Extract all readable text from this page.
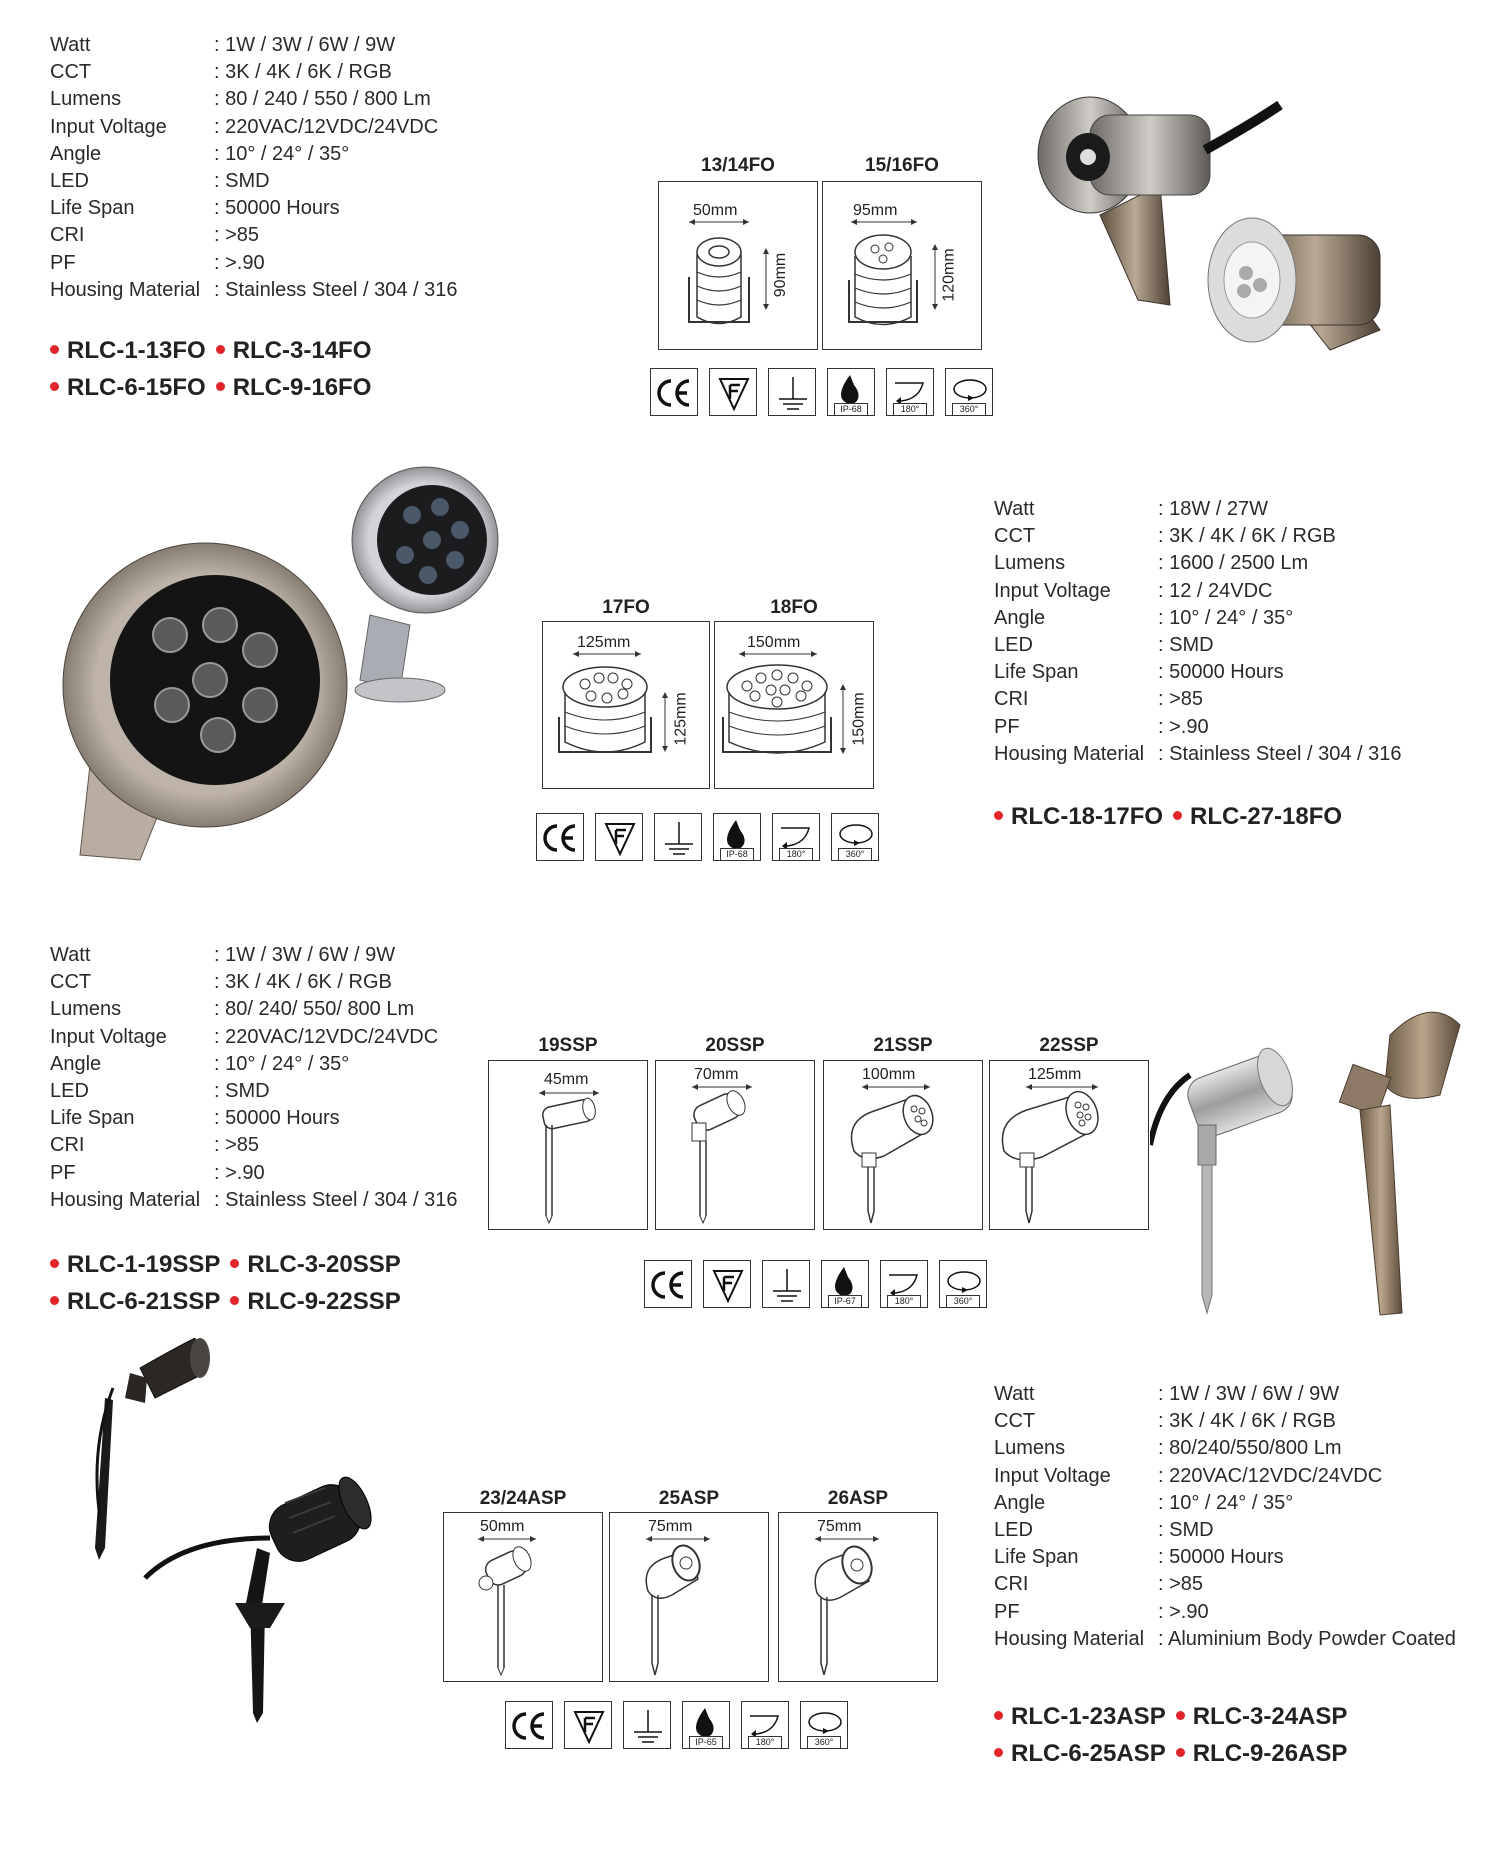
Watt	: 1W / 3W / 6W / 9W
CCT	: 3K / 4K / 6K / RGB
Lumens	: 80 / 240 / 550 / 800 Lm
Input Voltage	: 220VAC/12VDC/24VDC
Angle	: 10° / 24° / 35°
LED	: SMD
Life Span	: 50000 Hours
CRI	: >85
PF	: >.90
Housing Material : Stainless Steel / 304 / 316
RLC-1-13FO RLC-3-14FO
RLC-6-15FO RLC-9-16FO
13/14FO	15/16FO
50mm
90mm
95mm
120mm
IP-68	180°	360°
17FO	18FO
125mm
125mm
150mm
150mm
IP-68	180°	360°
Watt	: 18W / 27W
CCT	: 3K / 4K / 6K / RGB
Lumens	: 1600 / 2500 Lm
Input Voltage	: 12 / 24VDC
Angle	: 10° / 24° / 35°
LED	: SMD
Life Span	: 50000 Hours
CRI	: >85
PF	: >.90
Housing Material : Stainless Steel / 304 / 316
RLC-18-17FO RLC-27-18FO
Watt	: 1W / 3W / 6W / 9W
CCT	: 3K / 4K / 6K / RGB
Lumens	: 80/ 240/ 550/ 800 Lm
Input Voltage	: 220VAC/12VDC/24VDC
Angle	: 10° / 24° / 35°
LED	: SMD
Life Span	: 50000 Hours
CRI	: >85
PF	: >.90
Housing Material : Stainless Steel / 304 / 316
RLC-1-19SSP RLC-3-20SSP
RLC-6-21SSP RLC-9-22SSP
19SSP	20SSP	21SSP	22SSP
45mm	70mm	100mm	125mm
IP-67	180°	360°
23/24ASP	25ASP	26ASP
50mm	75mm	75mm
IP-65	180°	360°
Watt	: 1W / 3W / 6W / 9W
CCT	: 3K / 4K / 6K / RGB
Lumens	: 80/240/550/800 Lm
Input Voltage	: 220VAC/12VDC/24VDC
Angle	: 10° / 24° / 35°
LED	: SMD
Life Span	: 50000 Hours
CRI	: >85
PF	: >.90
Housing Material : Aluminium Body Powder Coated
RLC-1-23ASP RLC-3-24ASP
RLC-6-25ASP RLC-9-26ASP
